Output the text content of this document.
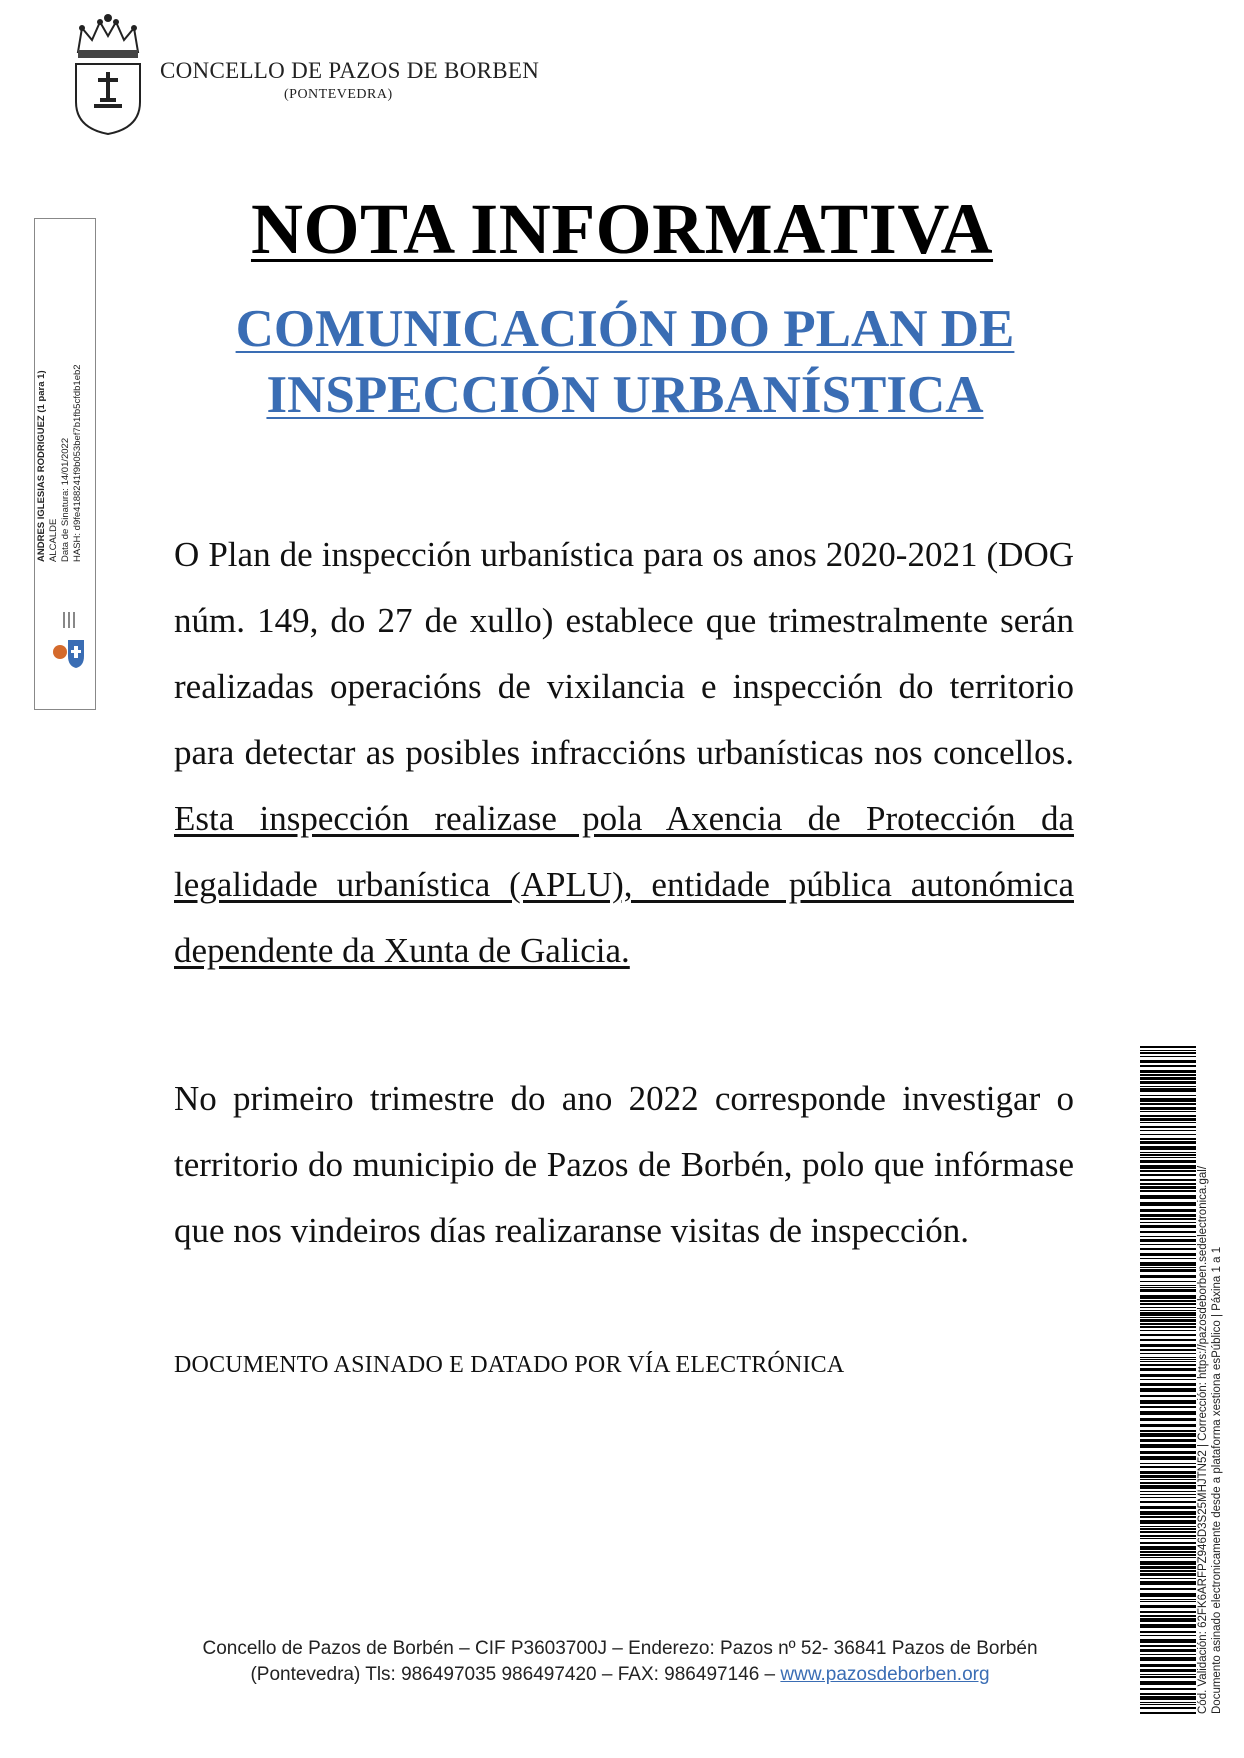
CONCELLO DE PAZOS DE BORBEN
(PONTEVEDRA)
ANDRES IGLESIAS RODRIGUEZ (1 para 1) ALCALDE Data de Sinatura: 14/01/2022 HASH: d9fe4188241f9b053bef7b1fb5cfdb1eb2
NOTA INFORMATIVA
COMUNICACIÓN DO PLAN DE INSPECCIÓN URBANÍSTICA
O Plan de inspección urbanística para os anos 2020-2021 (DOG núm. 149, do 27 de xullo) establece que trimestralmente serán realizadas operacións de vixilancia e inspección do territorio para detectar as posibles infraccións urbanísticas nos concellos. Esta inspección realizase pola Axencia de Protección da legalidade urbanística (APLU), entidade pública autonómica dependente da Xunta de Galicia.
No primeiro trimestre do ano 2022 corresponde investigar o territorio do municipio de Pazos de Borbén, polo que infórmase que nos vindeiros días realizaranse visitas de inspección.
DOCUMENTO ASINADO E DATADO POR VÍA ELECTRÓNICA
Concello de Pazos de Borbén – CIF P3603700J – Enderezo: Pazos nº 52- 36841 Pazos de Borbén
(Pontevedra) Tls: 986497035 986497420 – FAX: 986497146 – www.pazosdeborben.org	Cód. Validación: 62FK6ARFPZ946D3S25MHJTN52 | Corrección: https://pazosdeborben.sedelectronica.gal/ Documento asinado electronicamente desde a plataforma xestiona esPúblico | Páxina 1 a 1
